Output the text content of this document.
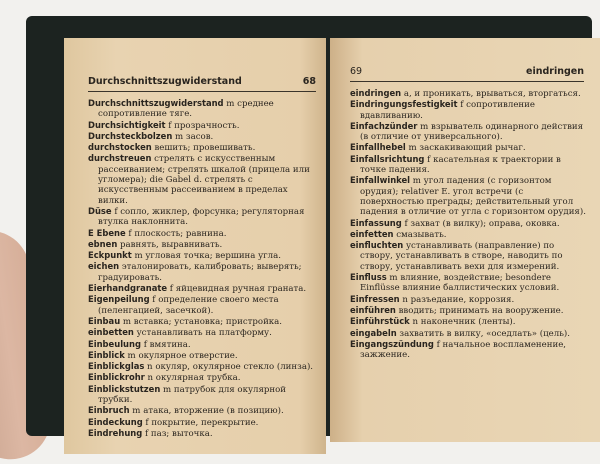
Durchschnittszugwiderstand	68
Durchschnittszugwiderstand m среднее сопротивление тяге.
Durchsichtigkeit f прозрачность.
Durchsteckbolzen m засов.
durchstocken вешить; провешивать.
durchstreuen стрелять с искусственным рассеиванием; стрелять шкалой (прицела или угломера); die Gabel d. стрелять с искусственным рассеиванием в пределах вилки.
Düse f сопло, жиклер, форсунка; регуляторная втулка наклоннита.
E Ebene f плоскость; равнина.
ebnen равнять, выравнивать.
Eckpunkt m угловая точка; вершина угла.
eichen эталонировать, калибровать; выверять; градуировать.
Eierhandgranate f яйцевидная ручная граната.
Eigenpeilung f определение своего места (пеленгацией, засечкой).
Einbau m вставка; установка; пристройка.
einbetten устанавливать на платформу.
Einbeulung f вмятина.
Einblick m окулярное отверстие.
Einblickglas n окуляр, окулярное стекло (линза).
Einblickrohr n окулярная трубка.
Einblickstutzen m патрубок для окулярной трубки.
Einbruch m атака, вторжение (в позицию).
Eindeckung f покрытие, перекрытие.
Eindrehung f паз; выточка.
69	eindringen
eindringen a, и проникать, врываться, вторгаться.
Eindringungsfestigkeit f сопротивление вдавливанию.
Einfachzünder m взрыватель одинарного действия (в отличие от универсального).
Einfallhebel m заскакивающий рычаг.
Einfallsrichtung f касательная к траектории в точке падения.
Einfallwinkel m угол падения (с горизонтом орудия); relativer E. угол встречи (с поверхностью преграды; действительный угол падения в отличие от угла с горизонтом орудия).
Einfassung f захват (в вилку); оправа, оковка.
einfetten смазывать.
einfluchten устанавливать (направление) по створу, устанавливать в створе, наводить по створу, устанавливать вехи для измерений.
Einfluss m влияние, воздействие; besondere Einflüsse влияние баллистических условий.
Einfressen n разъедание, коррозия.
einführen вводить; принимать на вооружение.
Einführstück n наконечник (ленты).
eingabeln захватить в вилку, «оседлать» (цель).
Eingangszündung f начальное воспламенение, зажжение.
